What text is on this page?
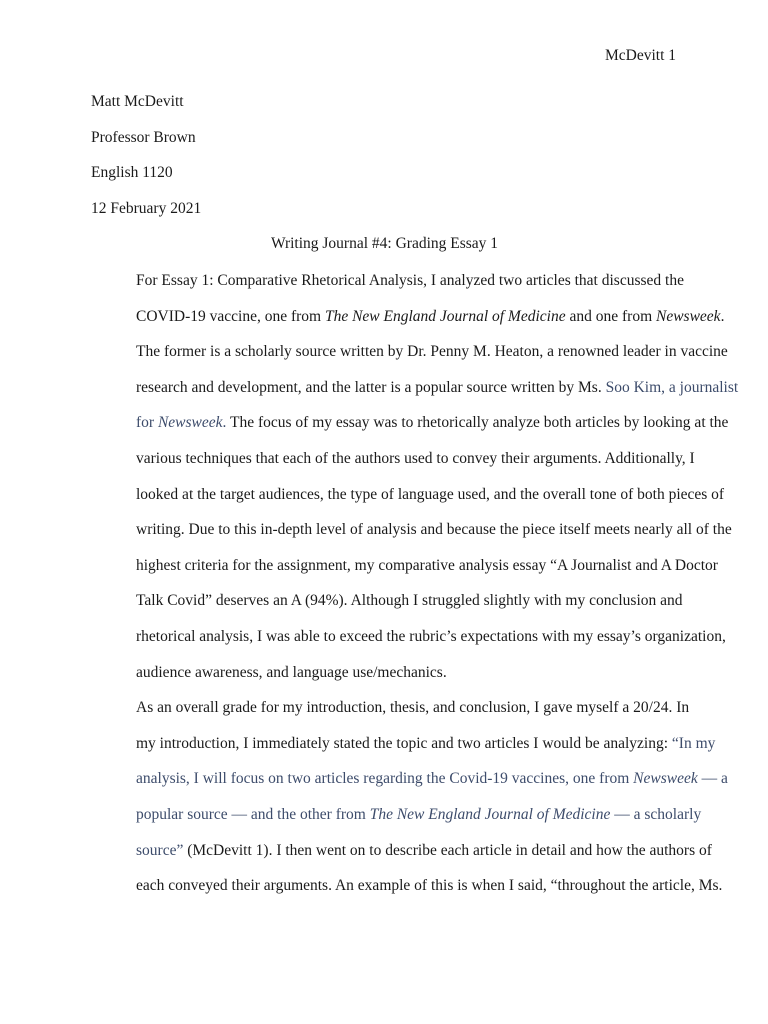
McDevitt 1
Matt McDevitt
Professor Brown
English 1120
12 February 2021
Writing Journal #4: Grading Essay 1

For Essay 1: Comparative Rhetorical Analysis, I analyzed two articles that discussed the
COVID-19 vaccine, one from The New England Journal of Medicine and one from Newsweek.
The former is a scholarly source written by Dr. Penny M. Heaton, a renowned leader in vaccine
research and development, and the latter is a popular source written by Ms. Soo Kim, a journalist
for Newsweek. The focus of my essay was to rhetorically analyze both articles by looking at the
various techniques that each of the authors used to convey their arguments. Additionally, I
looked at the target audiences, the type of language used, and the overall tone of both pieces of
writing. Due to this in-depth level of analysis and because the piece itself meets nearly all of the
highest criteria for the assignment, my comparative analysis essay “A Journalist and A Doctor
Talk Covid” deserves an A (94%). Although I struggled slightly with my conclusion and
rhetorical analysis, I was able to exceed the rubric’s expectations with my essay’s organization,
audience awareness, and language use/mechanics.

As an overall grade for my introduction, thesis, and conclusion, I gave myself a 20/24. In
my introduction, I immediately stated the topic and two articles I would be analyzing: “In my
analysis, I will focus on two articles regarding the Covid-19 vaccines, one from Newsweek — a
popular source — and the other from The New England Journal of Medicine — a scholarly
source” (McDevitt 1). I then went on to describe each article in detail and how the authors of
each conveyed their arguments. An example of this is when I said, “throughout the article, Ms.
